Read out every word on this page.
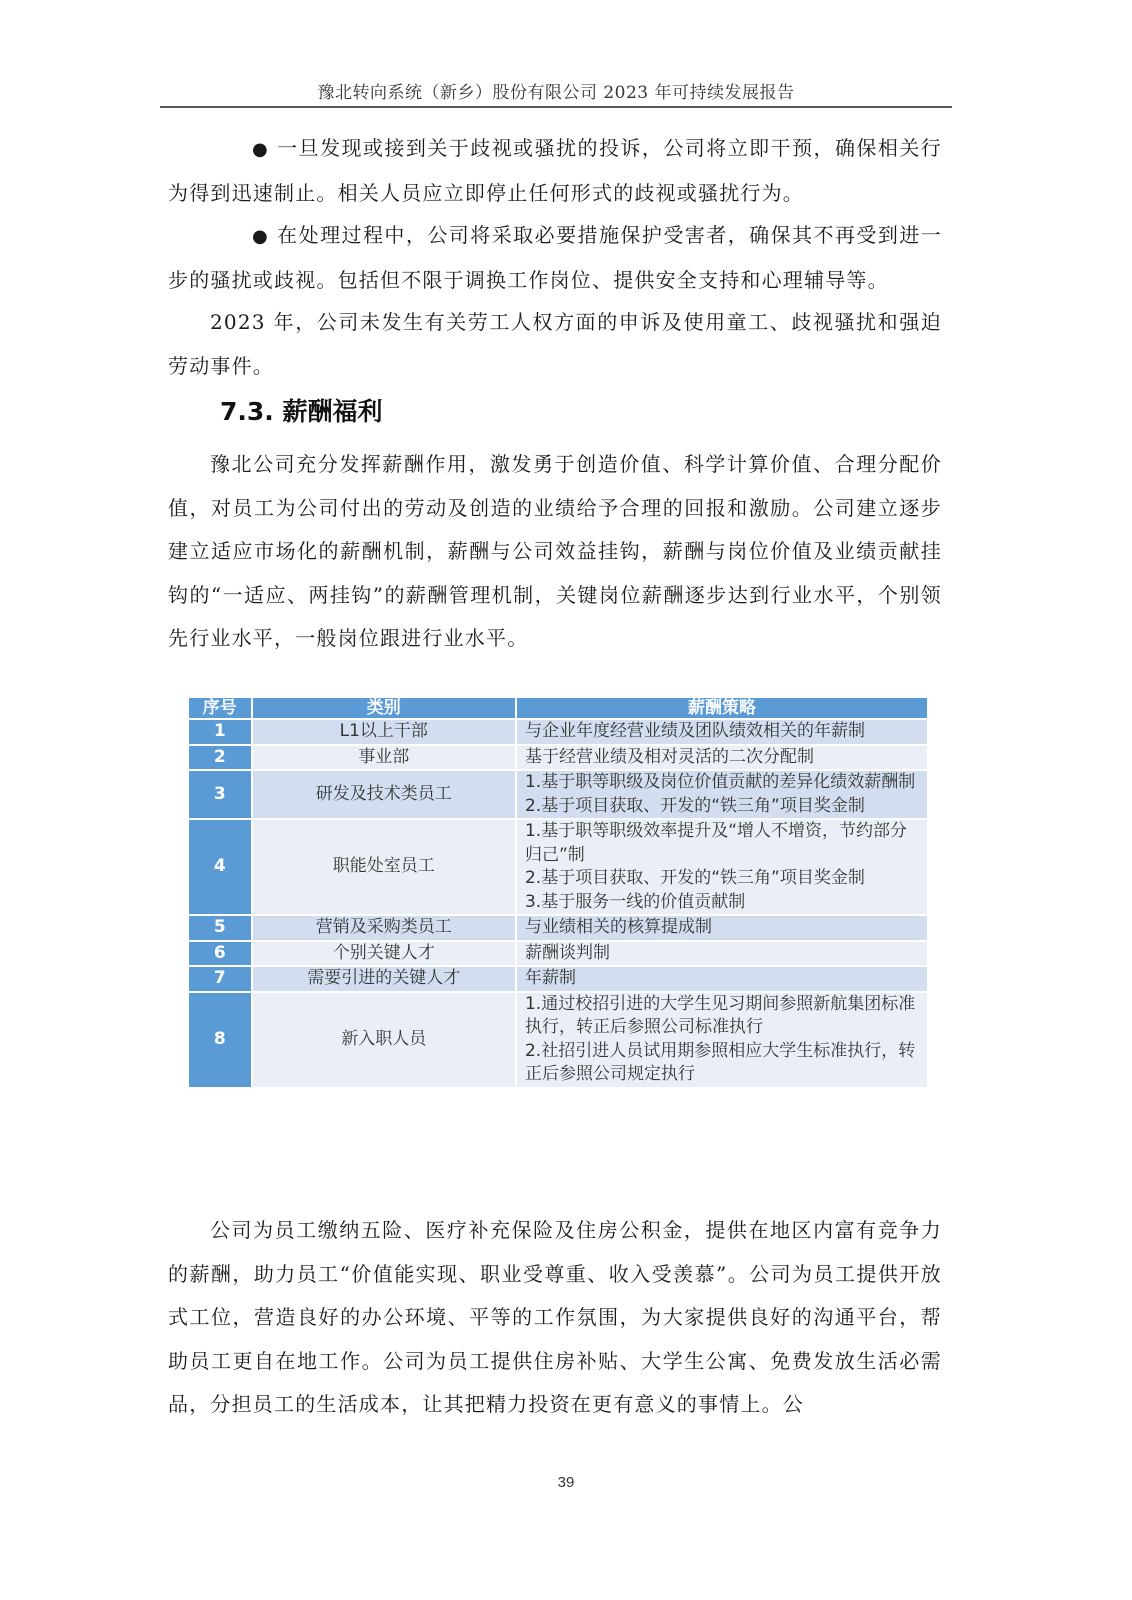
豫北转向系统（新乡）股份有限公司 2023 年可持续发展报告
● 一旦发现或接到关于歧视或骚扰的投诉，公司将立即干预，确保相关行为得到迅速制止。相关人员应立即停止任何形式的歧视或骚扰行为。
● 在处理过程中，公司将采取必要措施保护受害者，确保其不再受到进一步的骚扰或歧视。包括但不限于调换工作岗位、提供安全支持和心理辅导等。
2023 年，公司未发生有关劳工人权方面的申诉及使用童工、歧视骚扰和强迫劳动事件。
7.3. 薪酬福利
豫北公司充分发挥薪酬作用，激发勇于创造价值、科学计算价值、合理分配价值，对员工为公司付出的劳动及创造的业绩给予合理的回报和激励。公司建立逐步建立适应市场化的薪酬机制，薪酬与公司效益挂钩，薪酬与岗位价值及业绩贡献挂钩的“一适应、两挂钩”的薪酬管理机制，关键岗位薪酬逐步达到行业水平，个别领先行业水平，一般岗位跟进行业水平。
序号	类别	薪酬策略
1	L1以上干部	与企业年度经营业绩及团队绩效相关的年薪制

2	事业部	基于经营业绩及相对灵活的二次分配制

3	研发及技术类员工	1.基于职等职级及岗位价值贡献的差异化绩效薪酬制
2.基于项目获取、开发的“铁三角”项目奖金制

4	职能处室员工	1.基于职等职级效率提升及“增人不增资，节约部分归己”制
2.基于项目获取、开发的“铁三角”项目奖金制
3.基于服务一线的价值贡献制

5	营销及采购类员工	与业绩相关的核算提成制

6	个别关键人才	薪酬谈判制

7	需要引进的关键人才	年薪制

8	新入职人员	1.通过校招引进的大学生见习期间参照新航集团标准执行，转正后参照公司标准执行
2.社招引进人员试用期参照相应大学生标准执行，转正后参照公司规定执行
公司为员工缴纳五险、医疗补充保险及住房公积金，提供在地区内富有竞争力的薪酬，助力员工“价值能实现、职业受尊重、收入受羡慕”。公司为员工提供开放式工位，营造良好的办公环境、平等的工作氛围，为大家提供良好的沟通平台，帮助员工更自在地工作。公司为员工提供住房补贴、大学生公寓、免费发放生活必需品，分担员工的生活成本，让其把精力投资在更有意义的事情上。公
39
